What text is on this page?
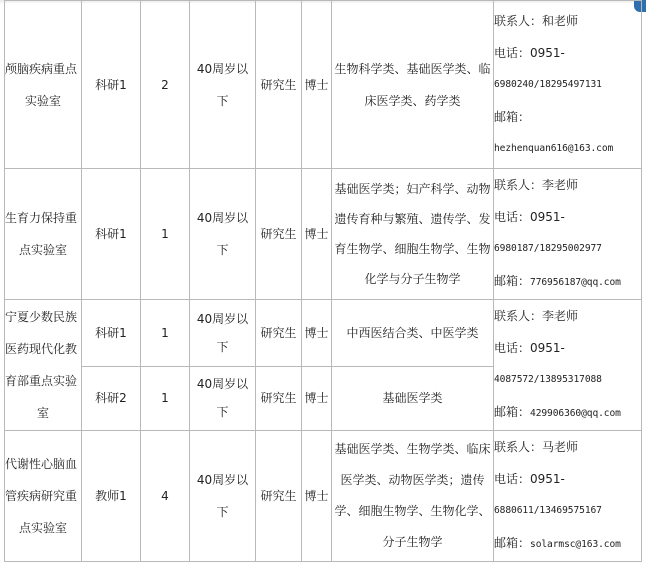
颅脑疾病重点
实验室	科研1	2	40周岁以
下	研究生	博士	生物科学类、基础医学类、临
床医学类、药学类	联系人：和老师
电话：0951-
6980240/18295497131
邮箱：
hezhenquan616@163.com

生育力保持重
点实验室	科研1	1	40周岁以
下	研究生	博士	基础医学类；妇产科学、动物
遗传育种与繁殖、遗传学、发
育生物学、细胞生物学、生物
化学与分子生物学	联系人：李老师
电话：0951-
6980187/18295002977
邮箱：776956187@qq.com

宁夏少数民族
医药现代化教
育部重点实验
室	科研1	1	40周岁以
下	研究生	博士	中西医结合类、中医学类	联系人：李老师
电话：0951-
4087572/13895317088
邮箱：429906360@qq.com

	科研2	1	40周岁以
下	研究生	博士	基础医学类	

代谢性心脑血
管疾病研究重
点实验室	教师1	4	40周岁以
下	研究生	博士	基础医学类、生物学类、临床
医学类、动物医学类；遗传
学、细胞生物学、生物化学、
分子生物学	联系人：马老师
电话：0951-
6880611/13469575167
邮箱：solarmsc@163.com
